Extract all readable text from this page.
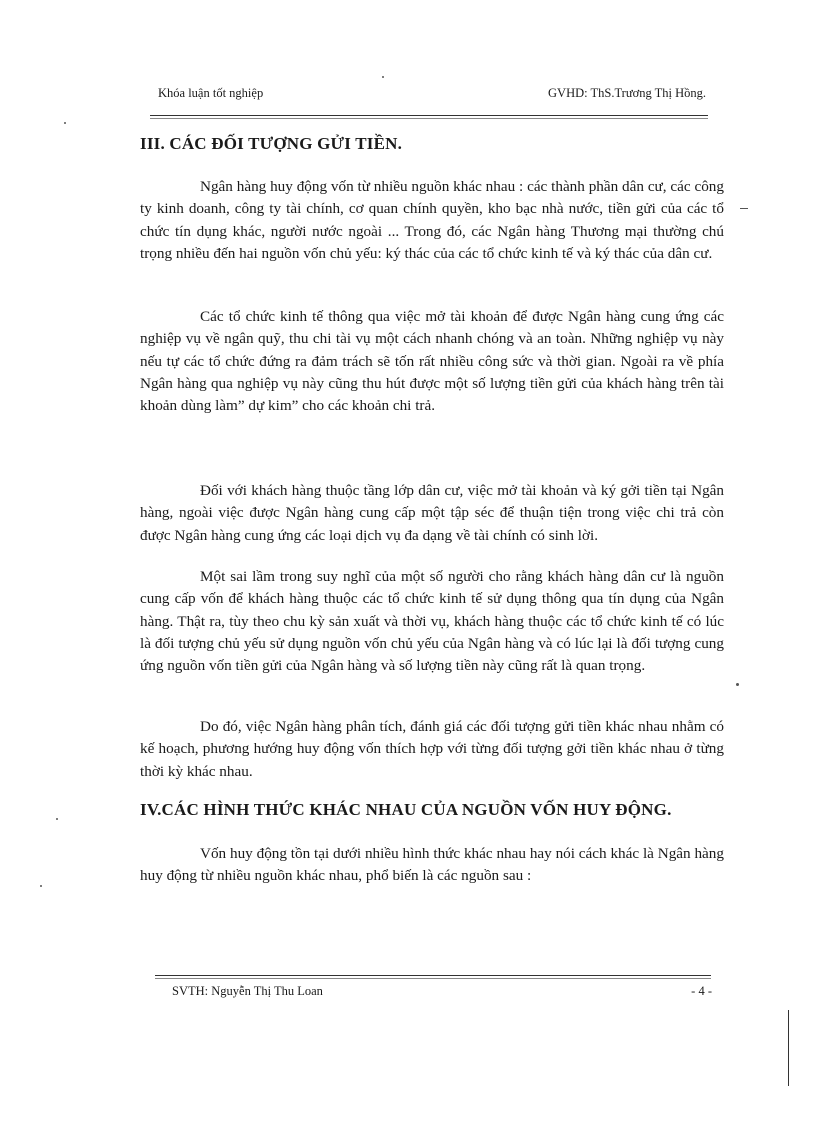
Khóa luận tốt nghiệp	GVHD: ThS.Trương Thị Hồng.
III. CÁC ĐỐI TƯỢNG GỬI TIỀN.

Ngân hàng huy động vốn từ nhiều nguồn khác nhau : các thành phần dân cư, các công ty kinh doanh, công ty tài chính, cơ quan chính quyền, kho bạc nhà nước, tiền gửi của các tổ chức tín dụng khác, người nước ngoài ... Trong đó, các Ngân hàng Thương mại thường chú trọng nhiều đến hai nguồn vốn chủ yếu: ký thác của các tổ chức kinh tế và ký thác của dân cư.

Các tổ chức kinh tế thông qua việc mở tài khoản để được Ngân hàng cung ứng các nghiệp vụ về ngân quỹ, thu chi tài vụ một cách nhanh chóng và an toàn. Những nghiệp vụ này nếu tự các tổ chức đứng ra đảm trách sẽ tốn rất nhiều công sức và thời gian. Ngoài ra về phía Ngân hàng qua nghiệp vụ này cũng thu hút được một số lượng tiền gửi của khách hàng trên tài khoản dùng làm” dự kim” cho các khoản chi trả.

Đối với khách hàng thuộc tầng lớp dân cư, việc mở tài khoản và ký gởi tiền tại Ngân hàng, ngoài việc được Ngân hàng cung cấp một tập séc để thuận tiện trong việc chi trả còn được Ngân hàng cung ứng các loại dịch vụ đa dạng về tài chính có sinh lời.

Một sai lầm trong suy nghĩ của một số người cho rằng khách hàng dân cư là nguồn cung cấp vốn để khách hàng thuộc các tổ chức kinh tế sử dụng thông qua tín dụng của Ngân hàng. Thật ra, tùy theo chu kỳ sản xuất và thời vụ, khách hàng thuộc các tổ chức kinh tế có lúc là đối tượng chủ yếu sử dụng nguồn vốn chủ yếu của Ngân hàng và có lúc lại là đối tượng cung ứng nguồn vốn tiền gửi của Ngân hàng và số lượng tiền này cũng rất là quan trọng.

Do đó, việc Ngân hàng phân tích, đánh giá các đối tượng gửi tiền khác nhau nhằm có kế hoạch, phương hướng huy động vốn thích hợp với từng đối tượng gởi tiền khác nhau ở từng thời kỳ khác nhau.

IV.CÁC HÌNH THỨC KHÁC NHAU CỦA NGUỒN VỐN HUY ĐỘNG.

Vốn huy động tồn tại dưới nhiều hình thức khác nhau hay nói cách khác là Ngân hàng huy động từ nhiều nguồn khác nhau, phổ biến là các nguồn sau :

SVTH: Nguyễn Thị Thu Loan	- 4 -
